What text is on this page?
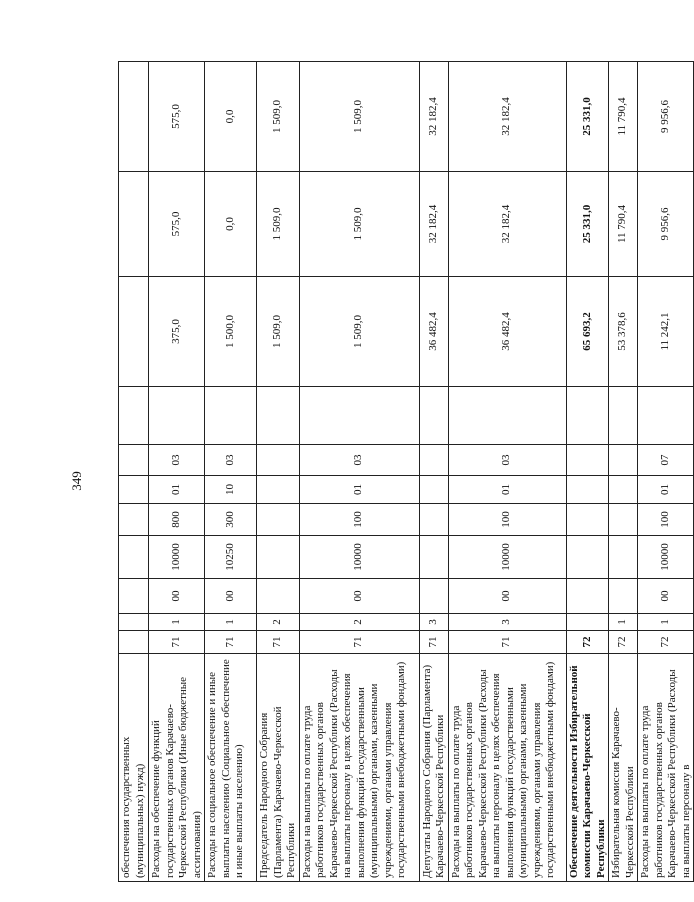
349
обеспечения государственных (муниципальных) нужд)											
Расходы на обеспечение функций государственных органов Карачаево-Черкесской Республики (Иные бюджетные ассигнования)	71	1	00	10000	800	01	03		375,0	575,0	575,0
Расходы на социальное обеспечение и иные выплаты населению (Социальное обеспечение и иные выплаты населению)	71	1	00	10250	300	10	03		1 500,0	0,0	0,0
Председатель Народного Собрания (Парламента) Карачаево-Черкесской Республики	71	2							1 509,0	1 509,0	1 509,0
Расходы на выплаты по оплате труда работников государственных органов Карачаево-Черкесской Республики (Расходы на выплаты персоналу в целях обеспечения выполнения функций государственными (муниципальными) органами, казенными учреждениями, органами управления государственными внебюджетными фондами)	71	2	00	10000	100	01	03		1 509,0	1 509,0	1 509,0
Депутаты Народного Собрания (Парламента) Карачаево-Черкесской Республики	71	3							36 482,4	32 182,4	32 182,4
Расходы на выплаты по оплате труда работников государственных органов Карачаево-Черкесской Республики (Расходы на выплаты персоналу в целях обеспечения выполнения функций государственными (муниципальными) органами, казенными учреждениями, органами управления государственными внебюджетными фондами)	71	3	00	10000	100	01	03		36 482,4	32 182,4	32 182,4
Обеспечение деятельности Избирательной комиссии Карачаево-Черкесской Республики	72								65 693,2	25 331,0	25 331,0
Избирательная комиссия Карачаево-Черкесской Республики	72	1							53 378,6	11 790,4	11 790,4
Расходы на выплаты по оплате труда работников государственных органов Карачаево-Черкесской Республики (Расходы на выплаты персоналу в	72	1	00	10000	100	01	07		11 242,1	9 956,6	9 956,6
